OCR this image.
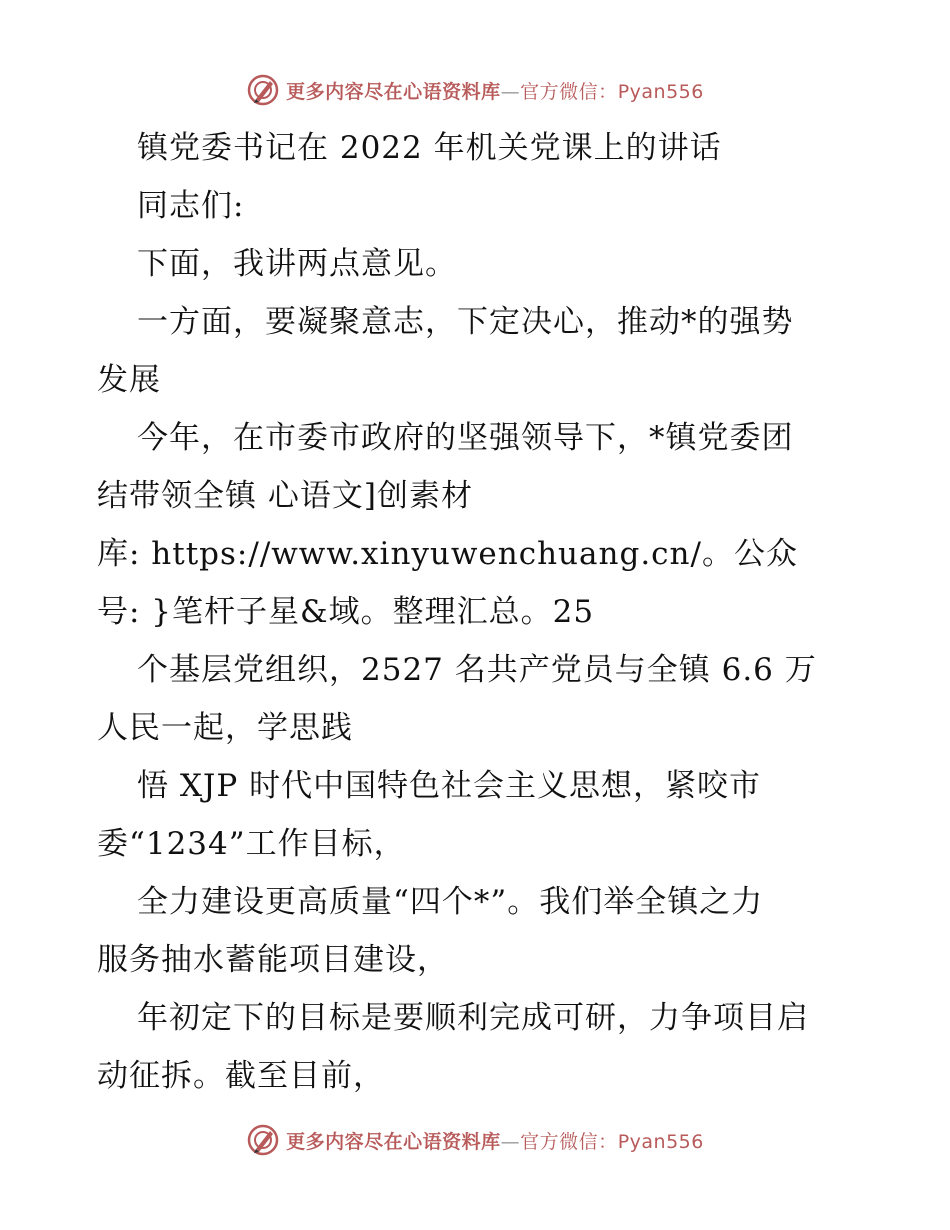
更多内容尽在心语资料库—官方微信：Pyan556
镇党委书记在 2022 年机关党课上的讲话
同志们:
下面，我讲两点意见。
一方面，要凝聚意志，下定决心，推动*的强势
发展
今年，在市委市政府的坚强领导下，*镇党委团
结带领全镇 心语文]创素材
库: https://www.xinyuwenchuang.cn/。公众
号: }笔杆子星&域。整理汇总。25
个基层党组织，2527 名共产党员与全镇 6.6 万
人民一起，学思践
悟 XJP 时代中国特色社会主义思想，紧咬市
委“1234”工作目标，
全力建设更高质量“四个*”。我们举全镇之力
服务抽水蓄能项目建设，
年初定下的目标是要顺利完成可研，力争项目启
动征拆。截至目前，
更多内容尽在心语资料库—官方微信：Pyan556
